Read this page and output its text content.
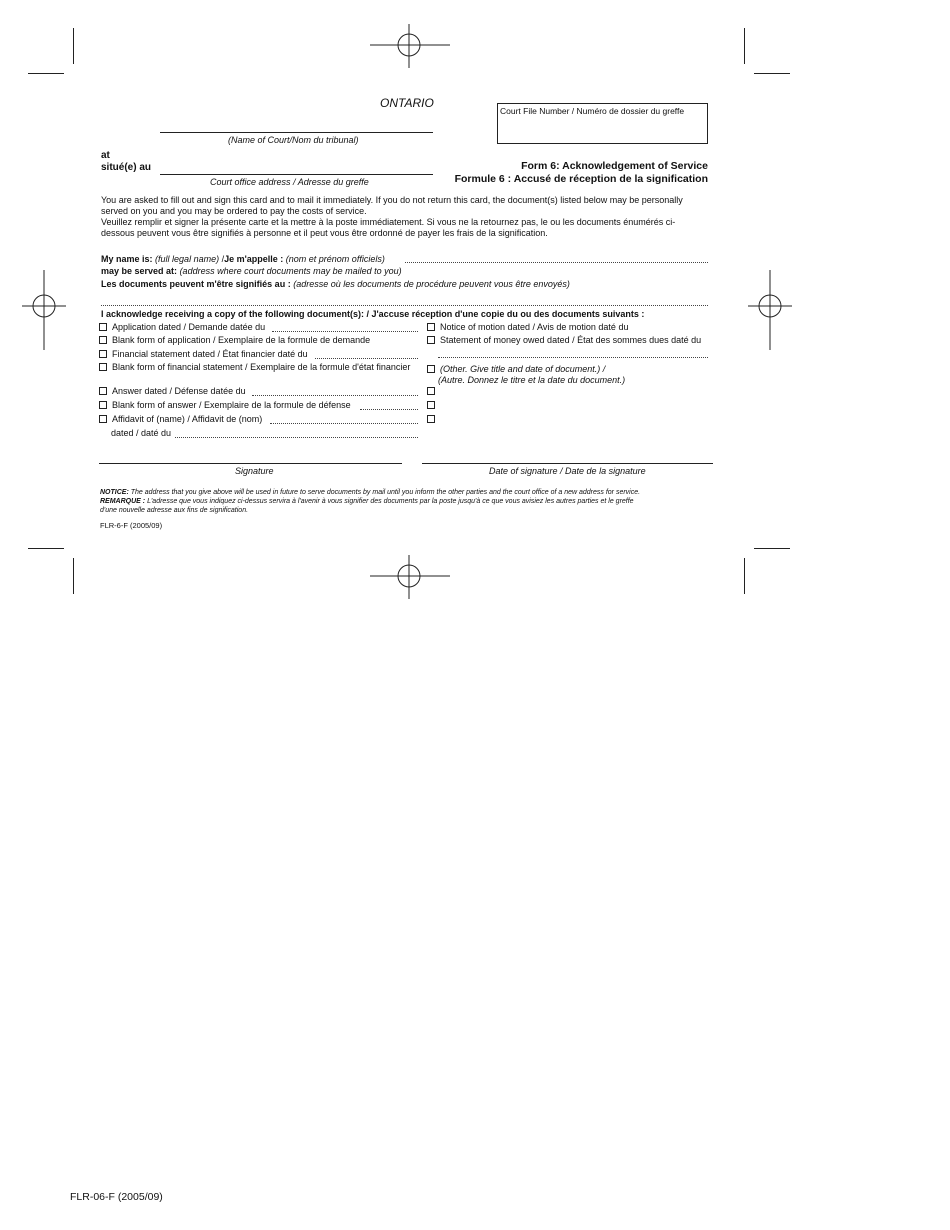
ONTARIO
Court File Number / Numéro de dossier du greffe
(Name of Court/Nom du tribunal)
at
situé(e) au
Court office address / Adresse du greffe
Form 6: Acknowledgement of Service
Formule 6 : Accusé de réception de la signification
You are asked to fill out and sign this card and to mail it immediately. If you do not return this card, the document(s) listed below may be personally
served on you and you may be ordered to pay the costs of service.
Veuillez remplir et signer la présente carte et la mettre à la poste immédiatement. Si vous ne la retournez pas, le ou les documents énumérés ci-
dessous peuvent vous être signifiés à personne et il peut vous être ordonné de payer les frais de la signification.
My name is: (full legal name) /Je m'appelle : (nom et prénom officiels)
may be served at: (address where court documents may be mailed to you)
Les documents peuvent m'être signifiés au : (adresse où les documents de procédure peuvent vous être envoyés)
I acknowledge receiving a copy of the following document(s): / J'accuse réception d'une copie du ou des documents suivants :
Application dated / Demande datée du
Blank form of application / Exemplaire de la formule de demande
Financial statement dated / État financier daté du
Blank form of financial statement / Exemplaire de la formule d'état financier
Answer dated / Défense datée du
Blank form of answer / Exemplaire de la formule de défense
Affidavit of (name) / Affidavit de (nom)
dated / daté du
Notice of motion dated / Avis de motion daté du
Statement of money owed dated / État des sommes dues daté du
(Other. Give title and date of document.) /
(Autre. Donnez le titre et la date du document.)
Signature	Date of signature / Date de la signature
NOTICE: The address that you give above will be used in future to serve documents by mail until you inform the other parties and the court office of a new address for service.
REMARQUE : L'adresse que vous indiquez ci-dessus servira à l'avenir à vous signifier des documents par la poste jusqu'à ce que vous avisiez les autres parties et le greffe
d'une nouvelle adresse aux fins de signification.
FLR-6-F (2005/09)
FLR-06-F (2005/09)
